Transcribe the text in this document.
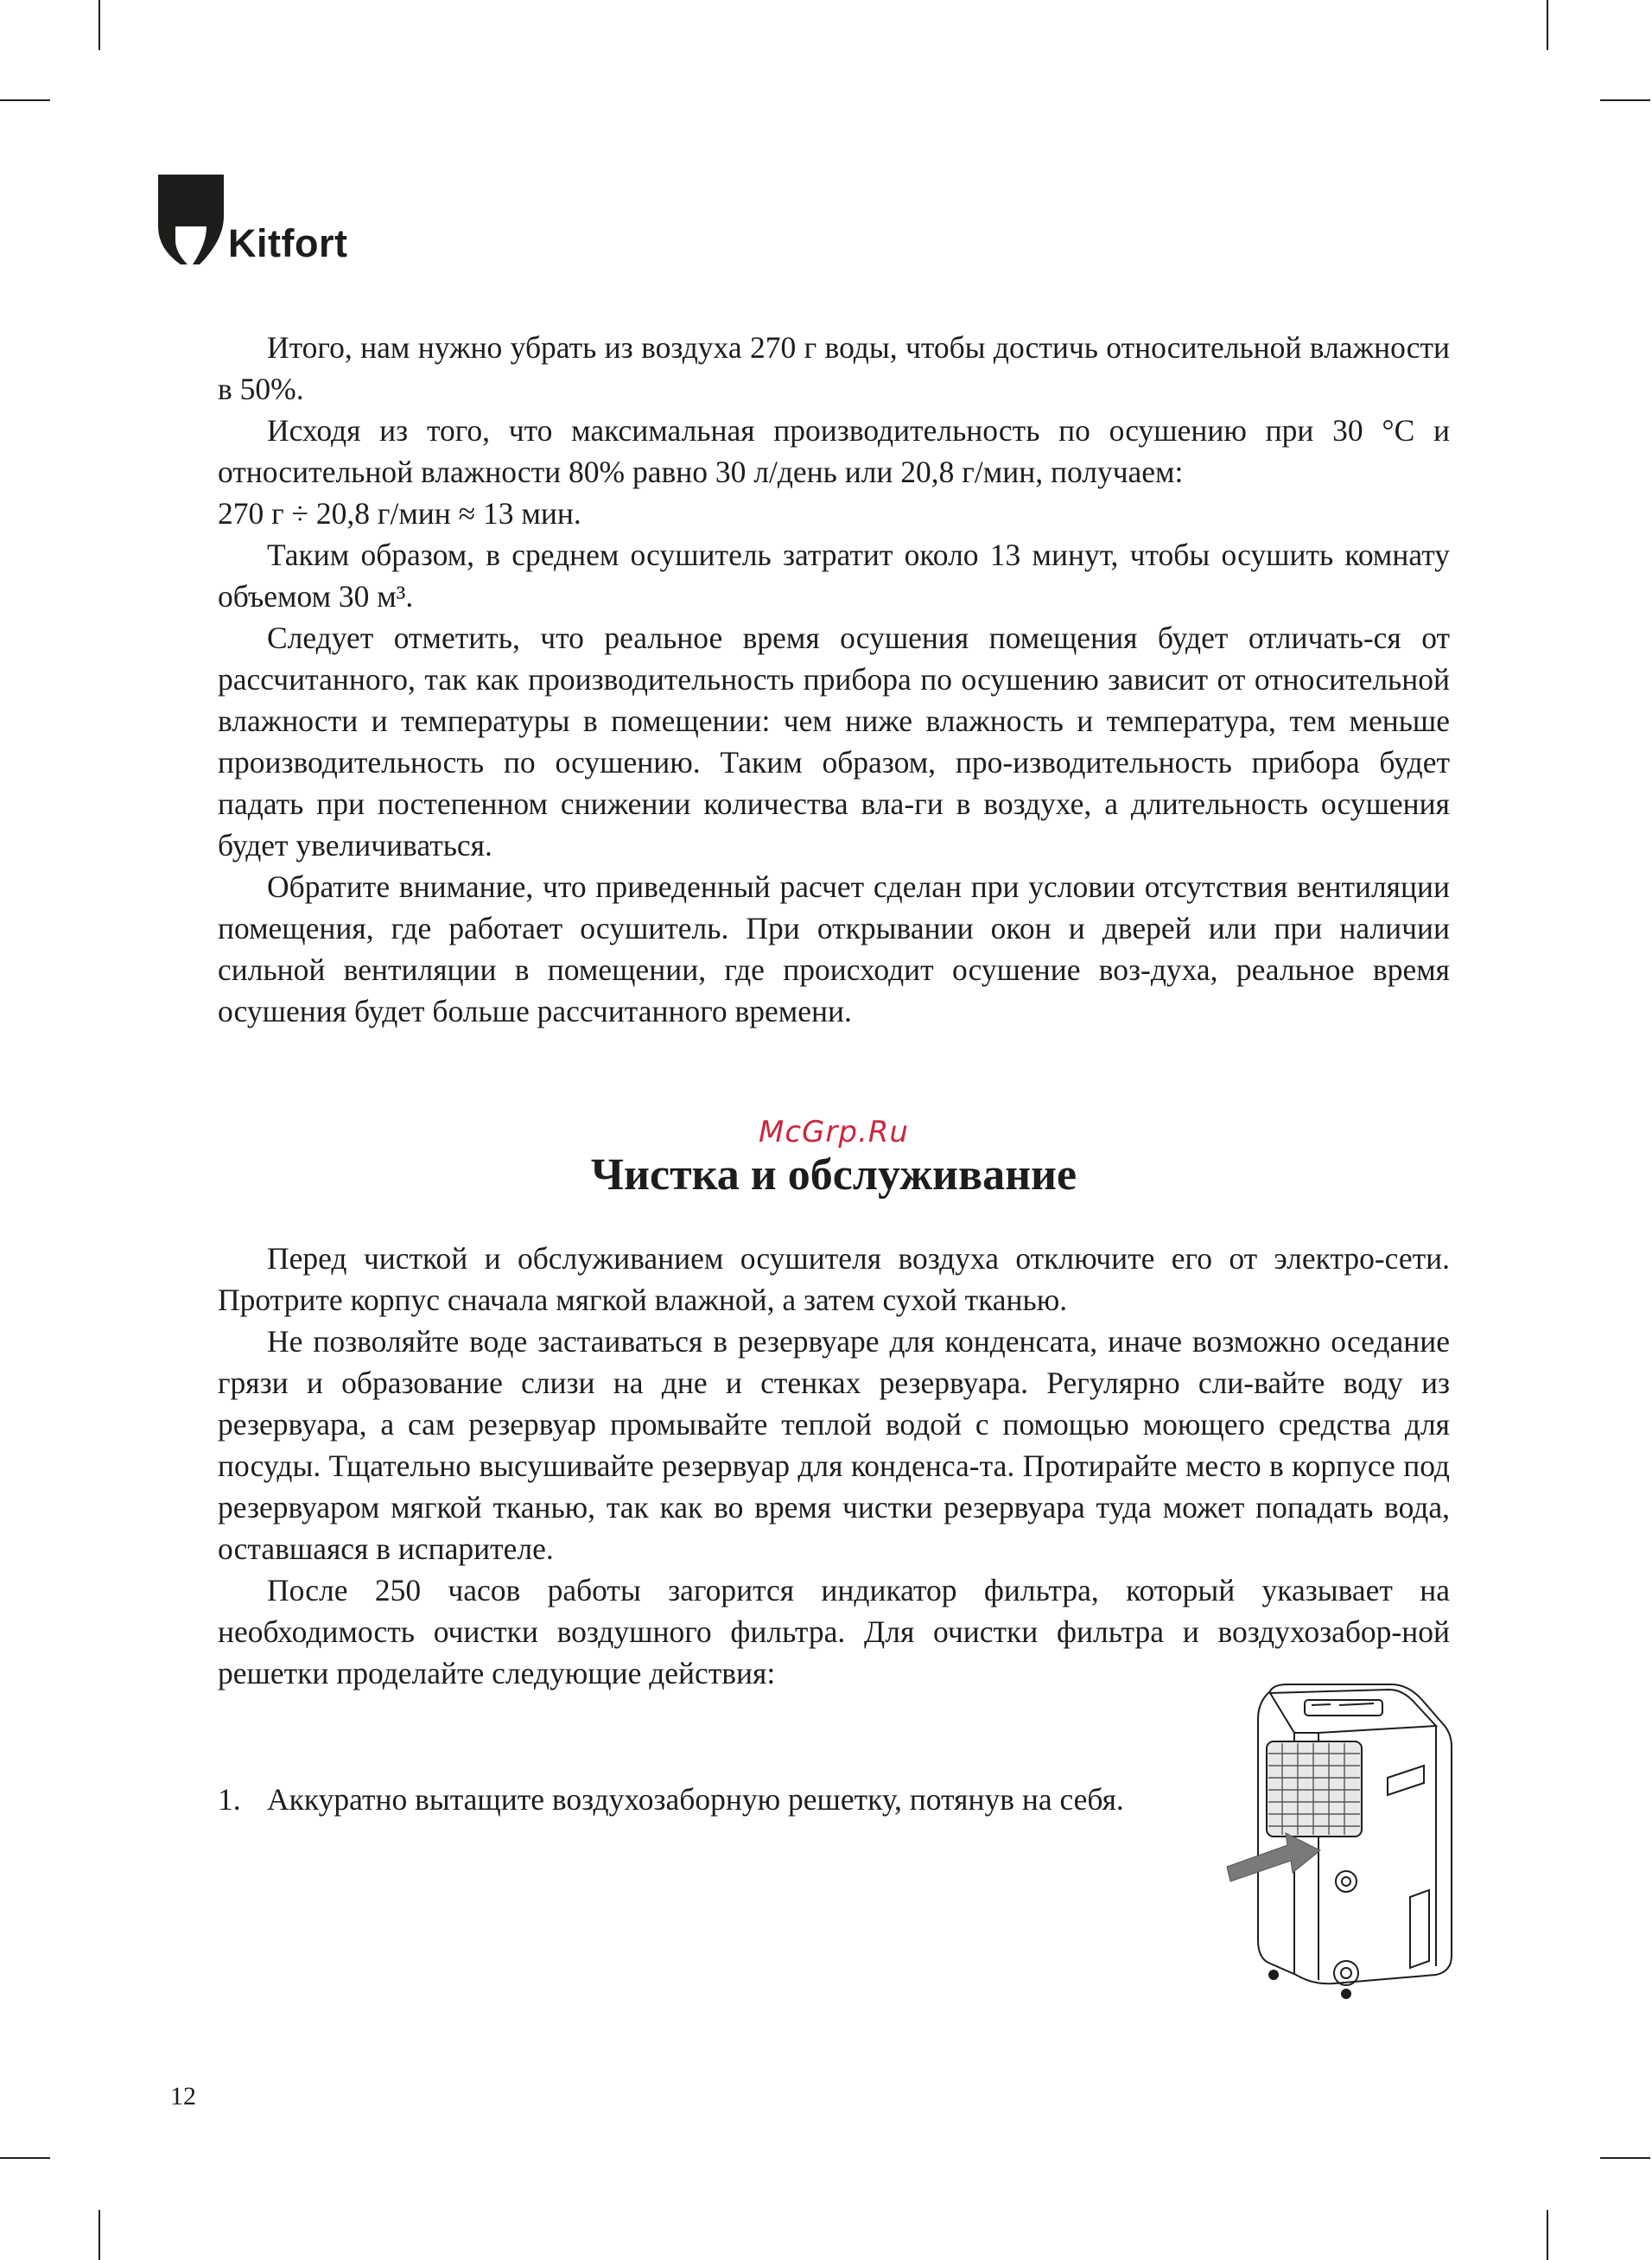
Kitfort

Итого, нам нужно убрать из воздуха 270 г воды, чтобы достичь относительной влажности в 50%.

Исходя из того, что максимальная производительность по осушению при 30 °С и относительной влажности 80% равно 30 л/день или 20,8 г/мин, получаем:

270 г ÷ 20,8 г/мин ≈ 13 мин.

Таким образом, в среднем осушитель затратит около 13 минут, чтобы осушить комнату объемом 30 м³.

Следует отметить, что реальное время осушения помещения будет отличать-ся от рассчитанного, так как производительность прибора по осушению зависит от относительной влажности и температуры в помещении: чем ниже влажность и температура, тем меньше производительность по осушению. Таким образом, про-изводительность прибора будет падать при постепенном снижении количества вла-ги в воздухе, а длительность осушения будет увеличиваться.

Обратите внимание, что приведенный расчет сделан при условии отсутствия вентиляции помещения, где работает осушитель. При открывании окон и дверей или при наличии сильной вентиляции в помещении, где происходит осушение воз-духа, реальное время осушения будет больше рассчитанного времени.

McGrp.Ru
Чистка и обслуживание

Перед чисткой и обслуживанием осушителя воздуха отключите его от электро-сети. Протрите корпус сначала мягкой влажной, а затем сухой тканью.

Не позволяйте воде застаиваться в резервуаре для конденсата, иначе возможно оседание грязи и образование слизи на дне и стенках резервуара. Регулярно сли-вайте воду из резервуара, а сам резервуар промывайте теплой водой с помощью моющего средства для посуды. Тщательно высушивайте резервуар для конденса-та. Протирайте место в корпусе под резервуаром мягкой тканью, так как во время чистки резервуара туда может попадать вода, оставшаяся в испарителе.

После 250 часов работы загорится индикатор фильтра, который указывает на необходимость очистки воздушного фильтра. Для очистки фильтра и воздухозабор-ной решетки проделайте следующие действия:

1. Аккуратно вытащите воздухозаборную решетку, потянув на себя.
12
